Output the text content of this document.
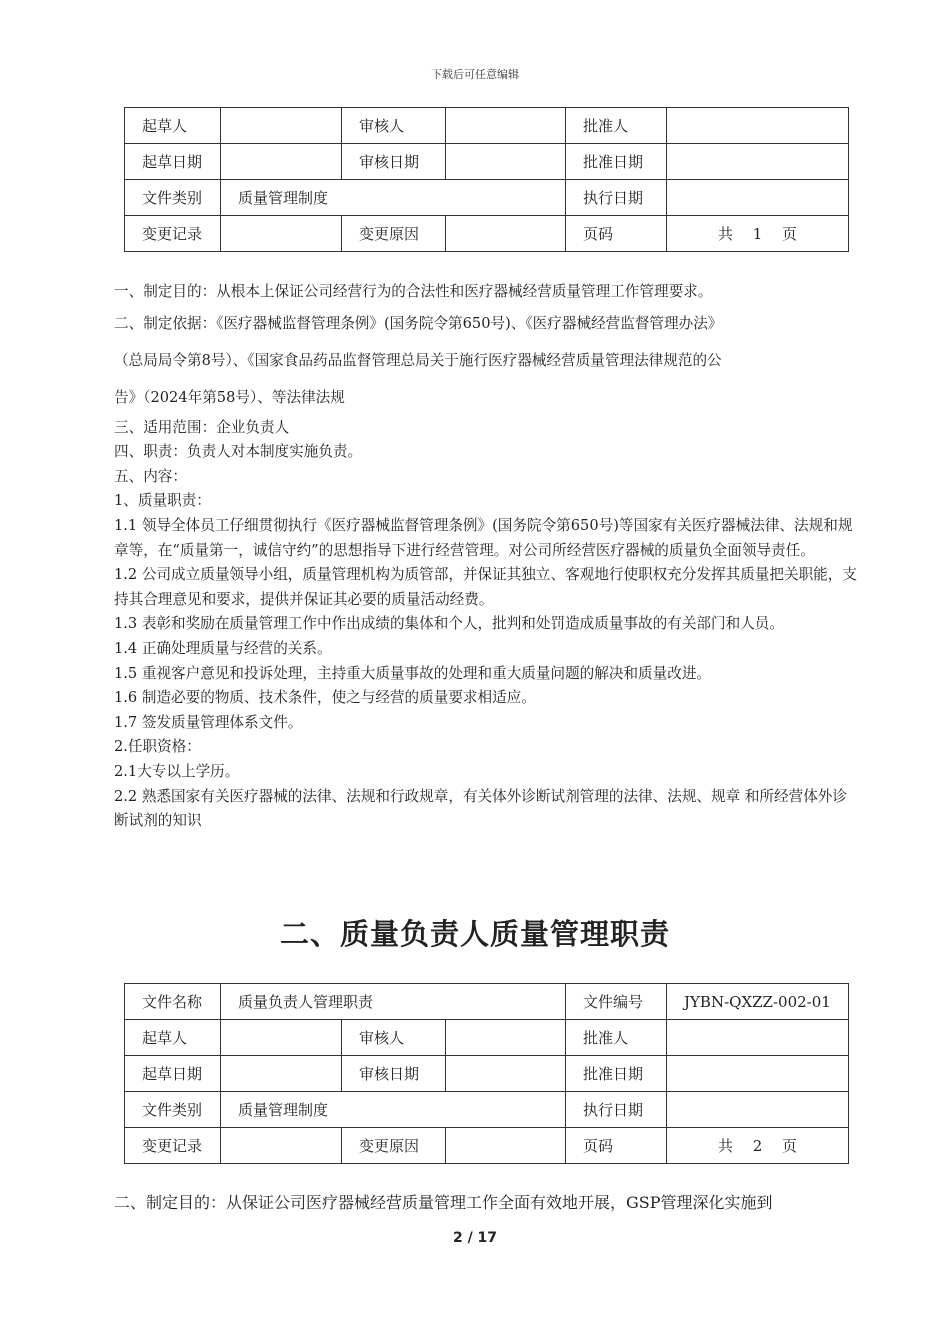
下载后可任意编辑
起草人		审核人		批准人	
起草日期		审核日期		批准日期	
文件类别	质量管理制度			执行日期	
变更记录		变更原因		页码	共　 1　 页

一、制定目的：从根本上保证公司经营行为的合法性和医疗器械经营质量管理工作管理要求。

二、制定依据：《医疗器械监督管理条例》(国务院令第650号)、《医疗器械经营监督管理办法》

（总局局令第8号）、《国家食品药品监督管理总局关于施行医疗器械经营质量管理法律规范的公

告》（2024年第58号）、等法律法规

三、适用范围：企业负责人

四、职责：负责人对本制度实施负责。

五、内容：

1、质量职责：

1.1 领导全体员工仔细贯彻执行《医疗器械监督管理条例》(国务院令第650号)等国家有关医疗器械法律、法规和规章等，在“质量第一，诚信守约”的思想指导下进行经营管理。对公司所经营医疗器械的质量负全面领导责任。

1.2 公司成立质量领导小组，质量管理机构为质管部，并保证其独立、客观地行使职权充分发挥其质量把关职能，支持其合理意见和要求，提供并保证其必要的质量活动经费。

1.3 表彰和奖励在质量管理工作中作出成绩的集体和个人，批判和处罚造成质量事故的有关部门和人员。

1.4 正确处理质量与经营的关系。

1.5 重视客户意见和投诉处理，主持重大质量事故的处理和重大质量问题的解决和质量改进。

1.6 制造必要的物质、技术条件，使之与经营的质量要求相适应。

1.7 签发质量管理体系文件。

2.任职资格：

2.1大专以上学历。

2.2 熟悉国家有关医疗器械的法律、法规和行政规章，有关体外诊断试剂管理的法律、法规、规章 和所经营体外诊断试剂的知识

二、质量负责人质量管理职责
文件名称	质量负责人管理职责			文件编号	JYBN-QXZZ-002-01
起草人		审核人		批准人	
起草日期		审核日期		批准日期	
文件类别	质量管理制度			执行日期	
变更记录		变更原因		页码	共　 2　 页
二、制定目的：从保证公司医疗器械经营质量管理工作全面有效地开展，GSP管理深化实施到
2 / 17
